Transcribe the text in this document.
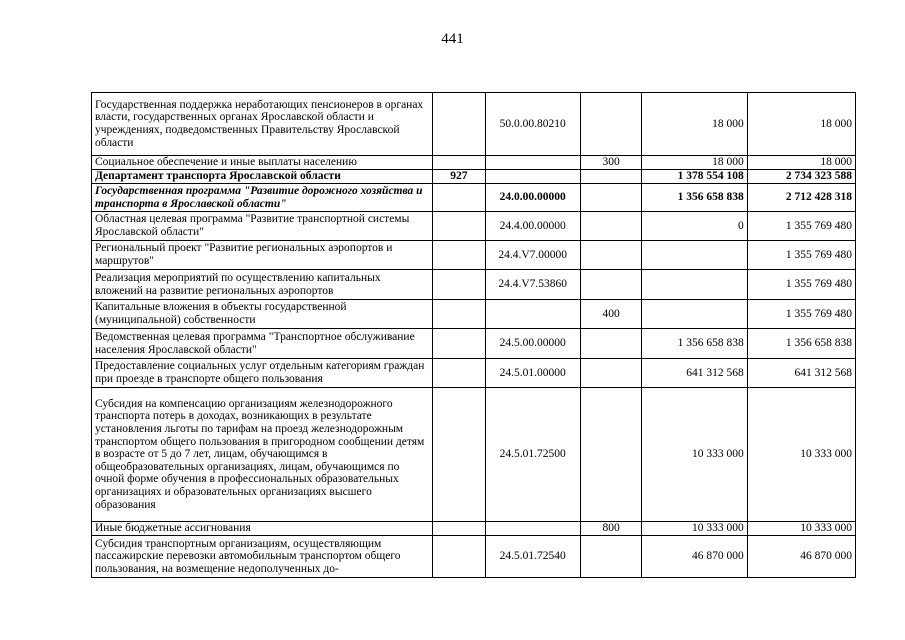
441
Государственная поддержка неработающих пенсионеров в органах власти, государственных органах Ярославской области и учреждениях, подведомственных Правительству Ярославской области		50.0.00.80210		18 000	18 000
Социальное обеспечение и иные выплаты населению			300	18 000	18 000
Департамент транспорта Ярославской области	927			1 378 554 108	2 734 323 588
Государственная программа "Развитие дорожного хозяйства и транспорта в Ярославской области"		24.0.00.00000		1 356 658 838	2 712 428 318
Областная целевая программа "Развитие транспортной системы Ярославской области"		24.4.00.00000		0	1 355 769 480
Региональный проект "Развитие региональных аэропортов и маршрутов"		24.4.V7.00000			1 355 769 480
Реализация мероприятий по осуществлению капитальных вложений на развитие региональных аэропортов		24.4.V7.53860			1 355 769 480
Капитальные вложения в объекты государственной (муниципальной) собственности			400		1 355 769 480
Ведомственная целевая программа "Транспортное обслуживание населения Ярославской области"		24.5.00.00000		1 356 658 838	1 356 658 838
Предоставление социальных услуг отдельным категориям граждан при проезде в транспорте общего пользования		24.5.01.00000		641 312 568	641 312 568
Субсидия на компенсацию организациям железнодорожного транспорта потерь в доходах, возникающих в результате установления льготы по тарифам на проезд железнодорожным транспортом общего пользования в пригородном сообщении детям в возрасте от 5 до 7 лет, лицам, обучающимся в общеобразовательных организациях, лицам, обучающимся по очной форме обучения в профессиональных образовательных организациях и образовательных организациях высшего образования		24.5.01.72500		10 333 000	10 333 000
Иные бюджетные ассигнования			800	10 333 000	10 333 000
Субсидия транспортным организациям, осуществляющим пассажирские перевозки автомобильным транспортом общего пользования, на возмещение недополученных до-		24.5.01.72540		46 870 000	46 870 000
